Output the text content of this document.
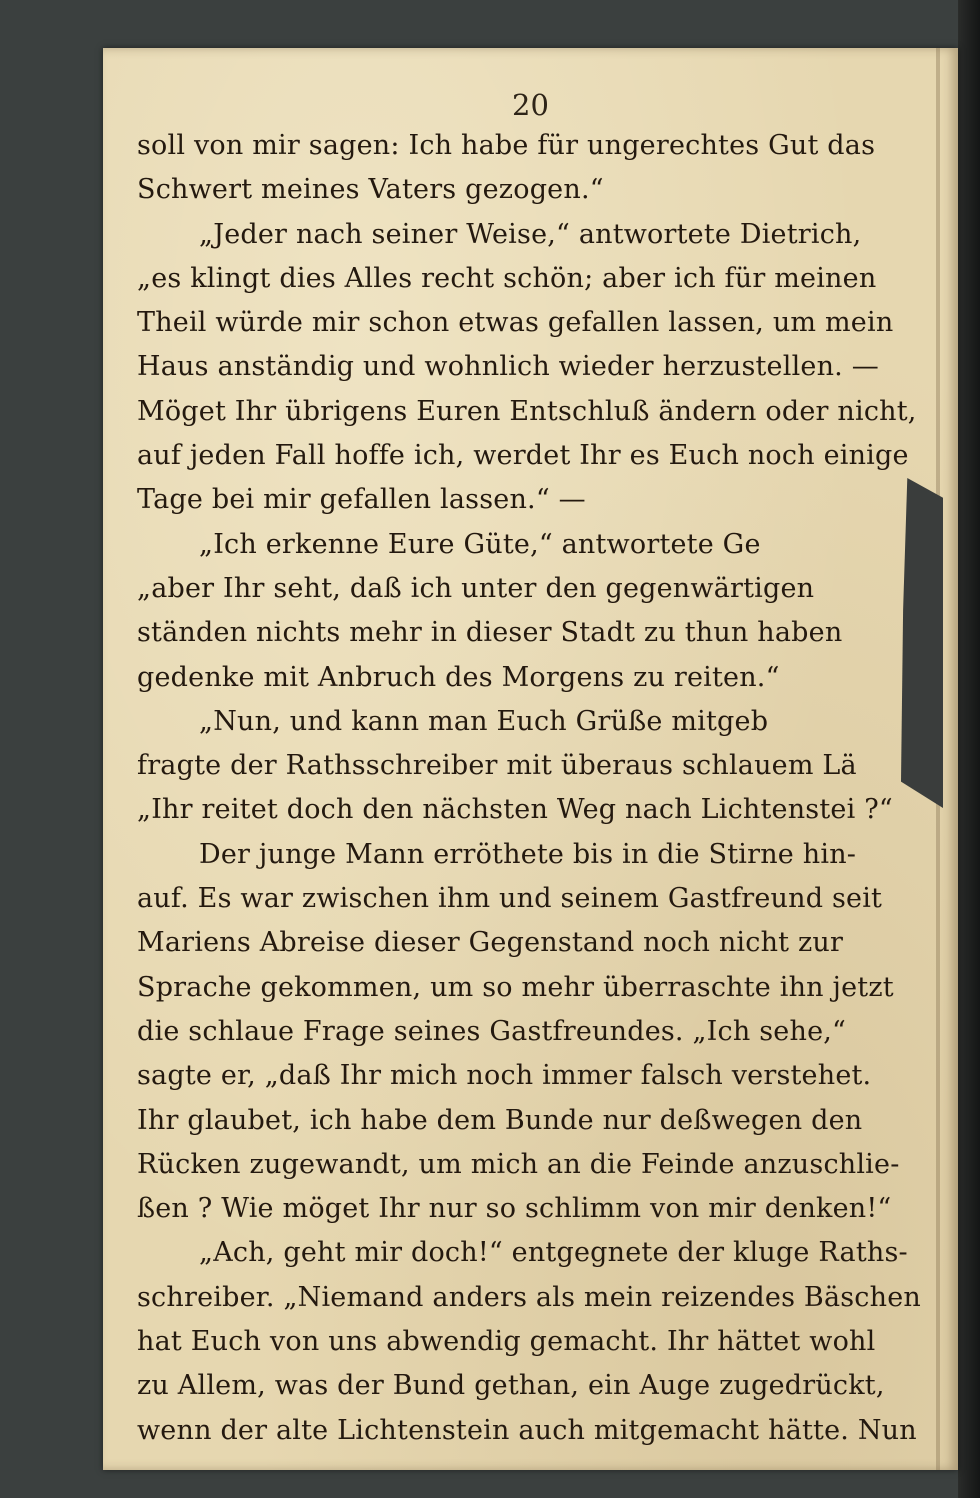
20
soll von mir sagen: Ich habe für ungerechtes Gut das
Schwert meines Vaters gezogen.“
„Jeder nach seiner Weise,“ antwortete Dietrich,
„es klingt dies Alles recht schön; aber ich für meinen
Theil würde mir schon etwas gefallen lassen, um mein
Haus anständig und wohnlich wieder herzustellen. —
Möget Ihr übrigens Euren Entschluß ändern oder nicht,
auf jeden Fall hoffe ich, werdet Ihr es Euch noch einige
Tage bei mir gefallen lassen.“ —
„Ich erkenne Eure Güte,“ antwortete Ge
„aber Ihr seht, daß ich unter den gegenwärtigen
ständen nichts mehr in dieser Stadt zu thun haben
gedenke mit Anbruch des Morgens zu reiten.“
„Nun, und kann man Euch Grüße mitgeb
fragte der Rathsschreiber mit überaus schlauem Lä
„Ihr reitet doch den nächsten Weg nach Lichtenstei ?“
Der junge Mann erröthete bis in die Stirne hin-
auf. Es war zwischen ihm und seinem Gastfreund seit
Mariens Abreise dieser Gegenstand noch nicht zur
Sprache gekommen, um so mehr überraschte ihn jetzt
die schlaue Frage seines Gastfreundes. „Ich sehe,“
sagte er, „daß Ihr mich noch immer falsch verstehet.
Ihr glaubet, ich habe dem Bunde nur deßwegen den
Rücken zugewandt, um mich an die Feinde anzuschlie-
ßen ? Wie möget Ihr nur so schlimm von mir denken!“
„Ach, geht mir doch!“ entgegnete der kluge Raths-
schreiber. „Niemand anders als mein reizendes Bäschen
hat Euch von uns abwendig gemacht. Ihr hättet wohl
zu Allem, was der Bund gethan, ein Auge zugedrückt,
wenn der alte Lichtenstein auch mitgemacht hätte. Nun
